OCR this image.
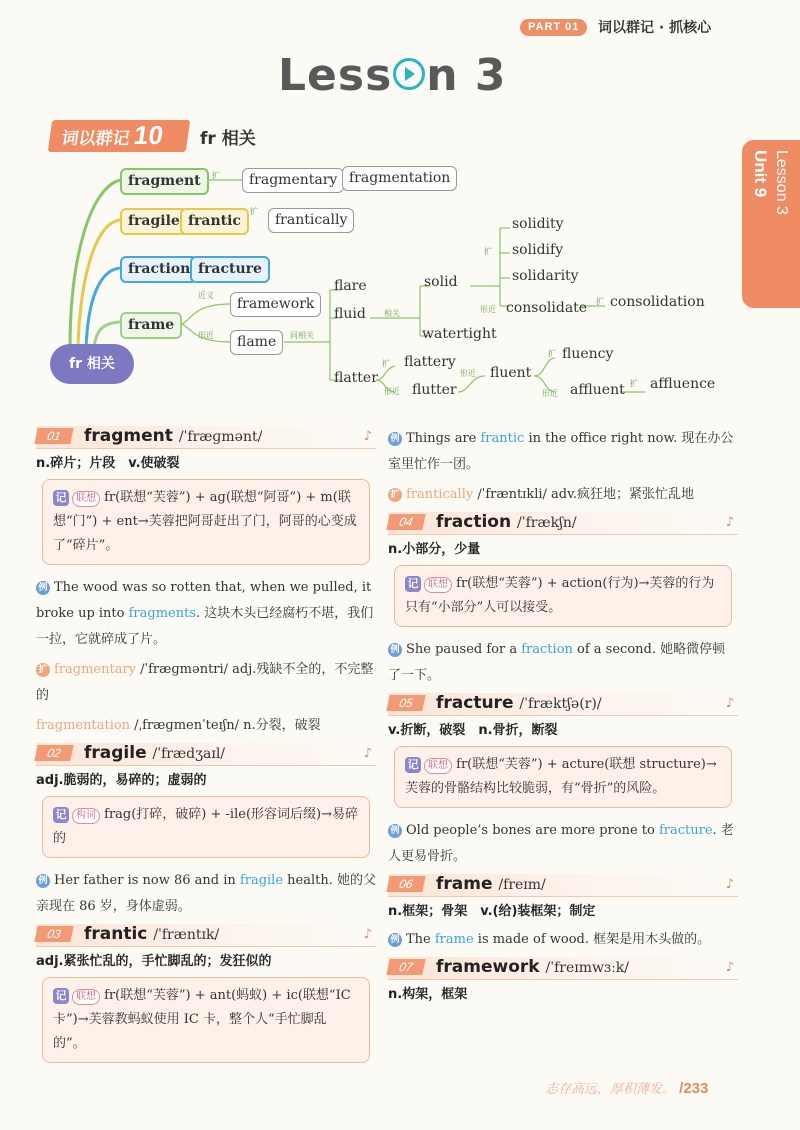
PART 01	词以群记 · 抓核心
Less n 3
Unit 9 Lesson 3
词以群记10	fr 相关
fr 相关
fragment	扩	fragmentary fragmentation
fragile frantic
扩
frantically
fraction fracture
frame
近义
形近
framework
flame	同相关
flare
fluid 相关
solid
watertight
扩
solidity
solidify
solidarity
形近 consolidate 扩 consolidation
flatter
扩 flattery
形近 flutter
形近 fluent
扩 fluency
形近 affluent 扩 affluence
01	fragment /ˈfræɡmənt/	♪
n.碎片；片段　v.使破裂
记 联想 fr(联想“芙蓉”) + ag(联想“阿哥”) + m(联想“门”) + ent→芙蓉把阿哥赶出了门，阿哥的心变成了“碎片”。
例 The wood was so rotten that, when we pulled, it broke up into fragments. 这块木头已经腐朽不堪，我们一拉，它就碎成了片。
扩 fragmentary /ˈfræɡməntri/ adj.残缺不全的，不完整的
fragmentation /ˌfræɡmenˈteɪʃn/ n.分裂，破裂
02	fragile /ˈfrædʒaɪl/	♪
adj.脆弱的，易碎的；虚弱的
记 构词 frag(打碎，破碎) + -ile(形容词后缀)→易碎的
例 Her father is now 86 and in fragile health. 她的父亲现在 86 岁，身体虚弱。
03	frantic /ˈfræntɪk/	♪
adj.紧张忙乱的，手忙脚乱的；发狂似的
记 联想 fr(联想“芙蓉”) + ant(蚂蚁) + ic(联想“IC 卡”)→芙蓉教蚂蚁使用 IC 卡，整个人“手忙脚乱的”。
例 Things are frantic in the office right now. 现在办公室里忙作一团。
扩 frantically /ˈfræntɪkli/ adv.疯狂地；紧张忙乱地
04	fraction /ˈfrækʃn/	♪
n.小部分，少量
记 联想 fr(联想“芙蓉”) + action(行为)→芙蓉的行为只有“小部分”人可以接受。
例 She paused for a fraction of a second. 她略微停顿了一下。
05	fracture /ˈfræktʃə(r)/	♪
v.折断，破裂　n.骨折，断裂
记 联想 fr(联想“芙蓉”) + acture(联想 structure)→芙蓉的骨骼结构比较脆弱，有“骨折”的风险。
例 Old people’s bones are more prone to fracture. 老人更易骨折。
06	frame /freɪm/	♪
n.框架；骨架　v.(给)装框架；制定
例 The frame is made of wood. 框架是用木头做的。
07	framework /ˈfreɪmwɜːk/	♪
n.构架，框架
志存高远，厚积薄发。 /233
